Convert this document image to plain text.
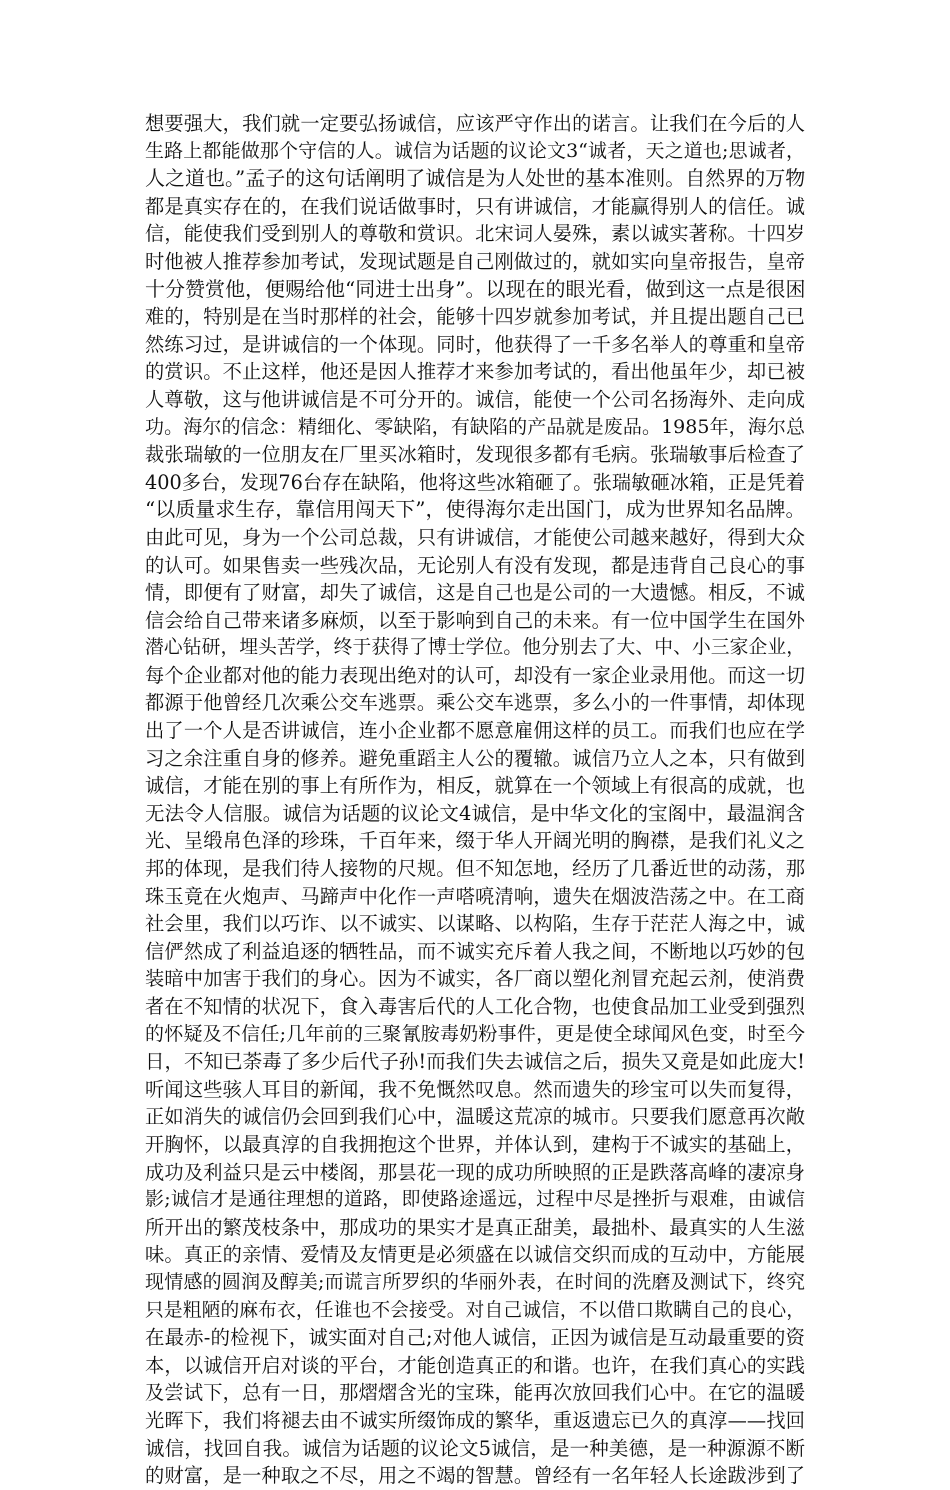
想要强大，我们就一定要弘扬诚信，应该严守作出的诺言。让我们在今后的人
生路上都能做那个守信的人。诚信为话题的议论文3“诚者，天之道也;思诚者，
人之道也。”孟子的这句话阐明了诚信是为人处世的基本准则。自然界的万物
都是真实存在的，在我们说话做事时，只有讲诚信，才能赢得别人的信任。诚
信，能使我们受到别人的尊敬和赏识。北宋词人晏殊，素以诚实著称。十四岁
时他被人推荐参加考试，发现试题是自己刚做过的，就如实向皇帝报告，皇帝
十分赞赏他，便赐给他“同进士出身”。以现在的眼光看，做到这一点是很困
难的，特别是在当时那样的社会，能够十四岁就参加考试，并且提出题自己已
然练习过，是讲诚信的一个体现。同时，他获得了一千多名举人的尊重和皇帝
的赏识。不止这样，他还是因人推荐才来参加考试的，看出他虽年少，却已被
人尊敬，这与他讲诚信是不可分开的。诚信，能使一个公司名扬海外、走向成
功。海尔的信念：精细化、零缺陷，有缺陷的产品就是废品。1985年，海尔总
裁张瑞敏的一位朋友在厂里买冰箱时，发现很多都有毛病。张瑞敏事后检查了
400多台，发现76台存在缺陷，他将这些冰箱砸了。张瑞敏砸冰箱，正是凭着
“以质量求生存，靠信用闯天下”，使得海尔走出国门，成为世界知名品牌。
由此可见，身为一个公司总裁，只有讲诚信，才能使公司越来越好，得到大众
的认可。如果售卖一些残次品，无论别人有没有发现，都是违背自己良心的事
情，即便有了财富，却失了诚信，这是自己也是公司的一大遗憾。相反，不诚
信会给自己带来诸多麻烦，以至于影响到自己的未来。有一位中国学生在国外
潜心钻研，埋头苦学，终于获得了博士学位。他分别去了大、中、小三家企业，
每个企业都对他的能力表现出绝对的认可，却没有一家企业录用他。而这一切
都源于他曾经几次乘公交车逃票。乘公交车逃票，多么小的一件事情，却体现
出了一个人是否讲诚信，连小企业都不愿意雇佣这样的员工。而我们也应在学
习之余注重自身的修养。避免重蹈主人公的覆辙。诚信乃立人之本，只有做到
诚信，才能在别的事上有所作为，相反，就算在一个领域上有很高的成就，也
无法令人信服。诚信为话题的议论文4诚信，是中华文化的宝阁中，最温润含
光、呈缎帛色泽的珍珠，千百年来，缀于华人开阔光明的胸襟，是我们礼义之
邦的体现，是我们待人接物的尺规。但不知怎地，经历了几番近世的动荡，那
珠玉竟在火炮声、马蹄声中化作一声嗒喨清响，遗失在烟波浩荡之中。在工商
社会里，我们以巧诈、以不诚实、以谋略、以构陷，生存于茫茫人海之中，诚
信俨然成了利益追逐的牺牲品，而不诚实充斥着人我之间，不断地以巧妙的包
装暗中加害于我们的身心。因为不诚实，各厂商以塑化剂冒充起云剂，使消费
者在不知情的状况下，食入毒害后代的人工化合物，也使食品加工业受到强烈
的怀疑及不信任;几年前的三聚氰胺毒奶粉事件，更是使全球闻风色变，时至今
日，不知已荼毒了多少后代子孙!而我们失去诚信之后，损失又竟是如此庞大!
听闻这些骇人耳目的新闻，我不免慨然叹息。然而遗失的珍宝可以失而复得，
正如消失的诚信仍会回到我们心中，温暖这荒凉的城市。只要我们愿意再次敞
开胸怀，以最真淳的自我拥抱这个世界，并体认到，建构于不诚实的基础上，
成功及利益只是云中楼阁，那昙花一现的成功所映照的正是跌落高峰的凄凉身
影;诚信才是通往理想的道路，即使路途遥远，过程中尽是挫折与艰难，由诚信
所开出的繁茂枝条中，那成功的果实才是真正甜美，最拙朴、最真实的人生滋
味。真正的亲情、爱情及友情更是必须盛在以诚信交织而成的互动中，方能展
现情感的圆润及醇美;而谎言所罗织的华丽外表，在时间的洗磨及测试下，终究
只是粗陋的麻布衣，任谁也不会接受。对自己诚信，不以借口欺瞒自己的良心，
在最赤-的检视下，诚实面对自己;对他人诚信，正因为诚信是互动最重要的资
本，以诚信开启对谈的平台，才能创造真正的和谐。也许，在我们真心的实践
及尝试下，总有一日，那熠熠含光的宝珠，能再次放回我们心中。在它的温暖
光晖下，我们将褪去由不诚实所缀饰成的繁华，重返遗忘已久的真淳——找回
诚信，找回自我。诚信为话题的议论文5诚信，是一种美德，是一种源源不断
的财富，是一种取之不尽，用之不竭的智慧。曾经有一名年轻人长途跋涉到了
